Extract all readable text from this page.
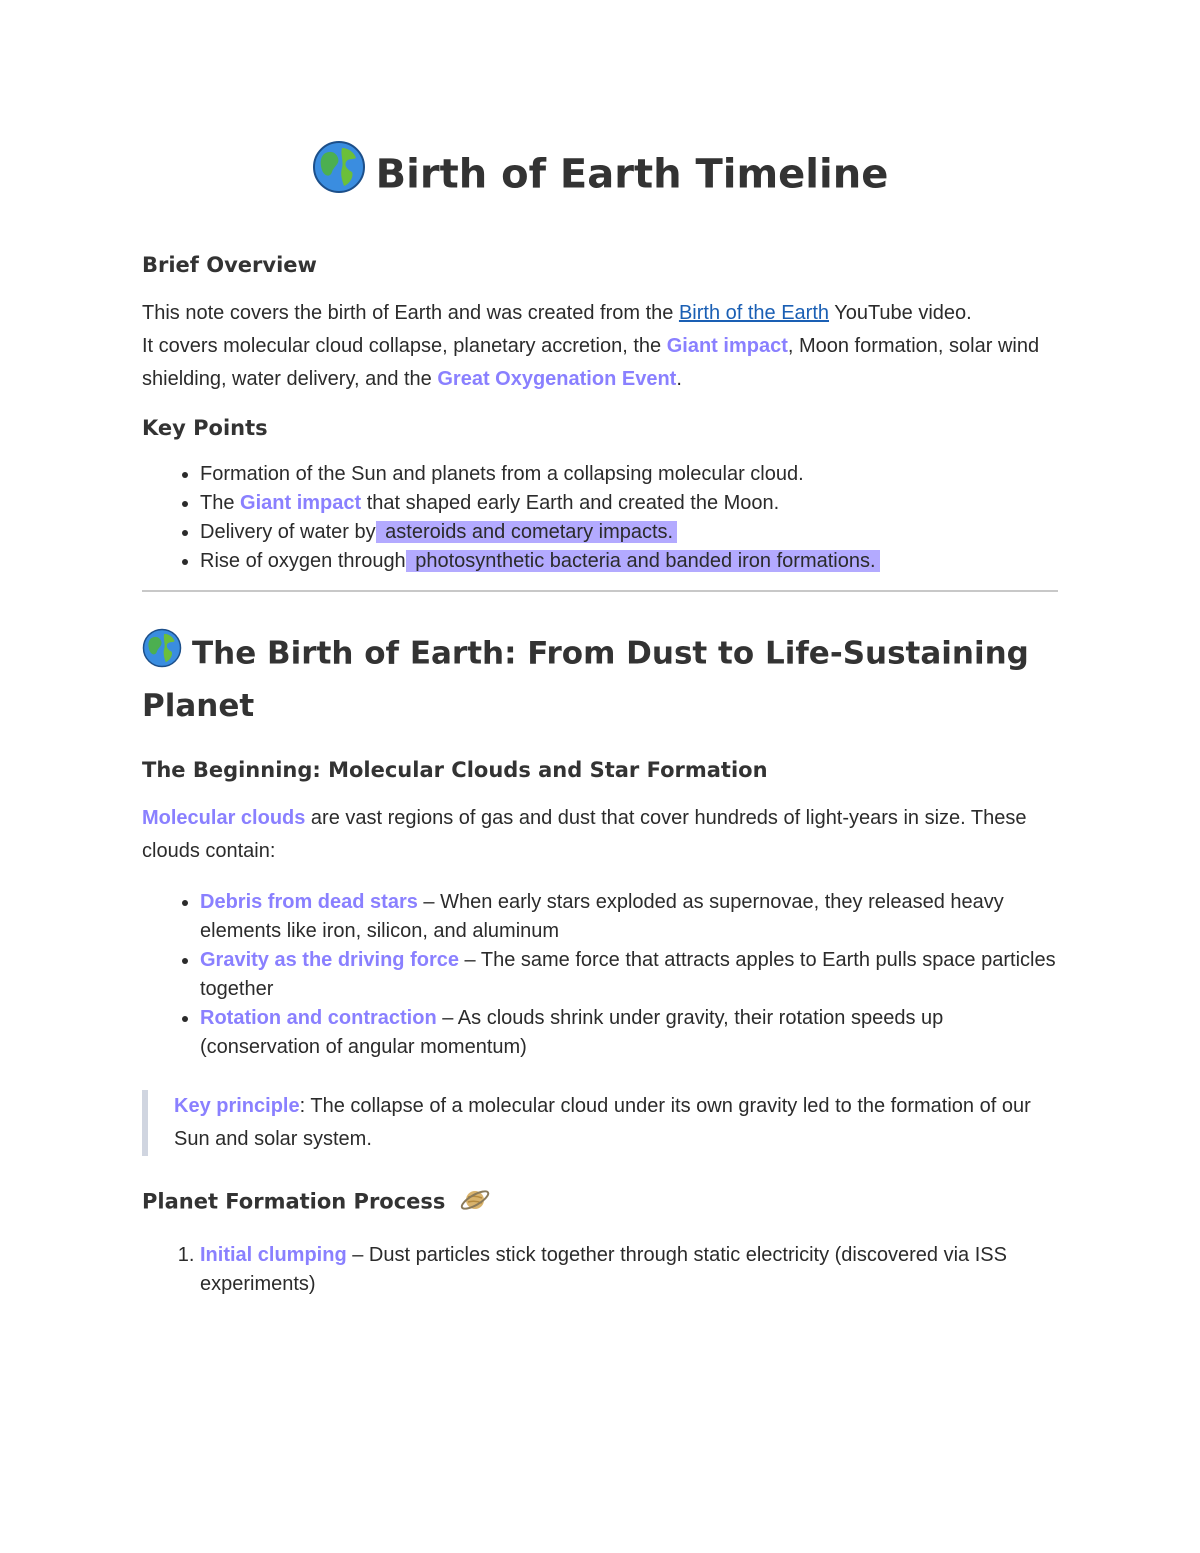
Birth of Earth Timeline
Brief Overview

This note covers the birth of Earth and was created from the Birth of the Earth YouTube video.
It covers molecular cloud collapse, planetary accretion, the Giant impact, Moon formation, solar wind shielding, water delivery, and the Great Oxygenation Event.

Key Points
• Formation of the Sun and planets from a collapsing molecular cloud.
• The Giant impact that shaped early Earth and created the Moon.
• Delivery of water by asteroids and cometary impacts.
• Rise of oxygen through photosynthetic bacteria and banded iron formations.
The Birth of Earth: From Dust to Life-Sustaining Planet
The Beginning: Molecular Clouds and Star Formation

Molecular clouds are vast regions of gas and dust that cover hundreds of light-years in size. These clouds contain:

• Debris from dead stars – When early stars exploded as supernovae, they released heavy elements like iron, silicon, and aluminum
• Gravity as the driving force – The same force that attracts apples to Earth pulls space particles together
• Rotation and contraction – As clouds shrink under gravity, their rotation speeds up (conservation of angular momentum)

Key principle: The collapse of a molecular cloud under its own gravity led to the formation of our Sun and solar system.

Planet Formation Process
1. Initial clumping – Dust particles stick together through static electricity (discovered via ISS experiments)
